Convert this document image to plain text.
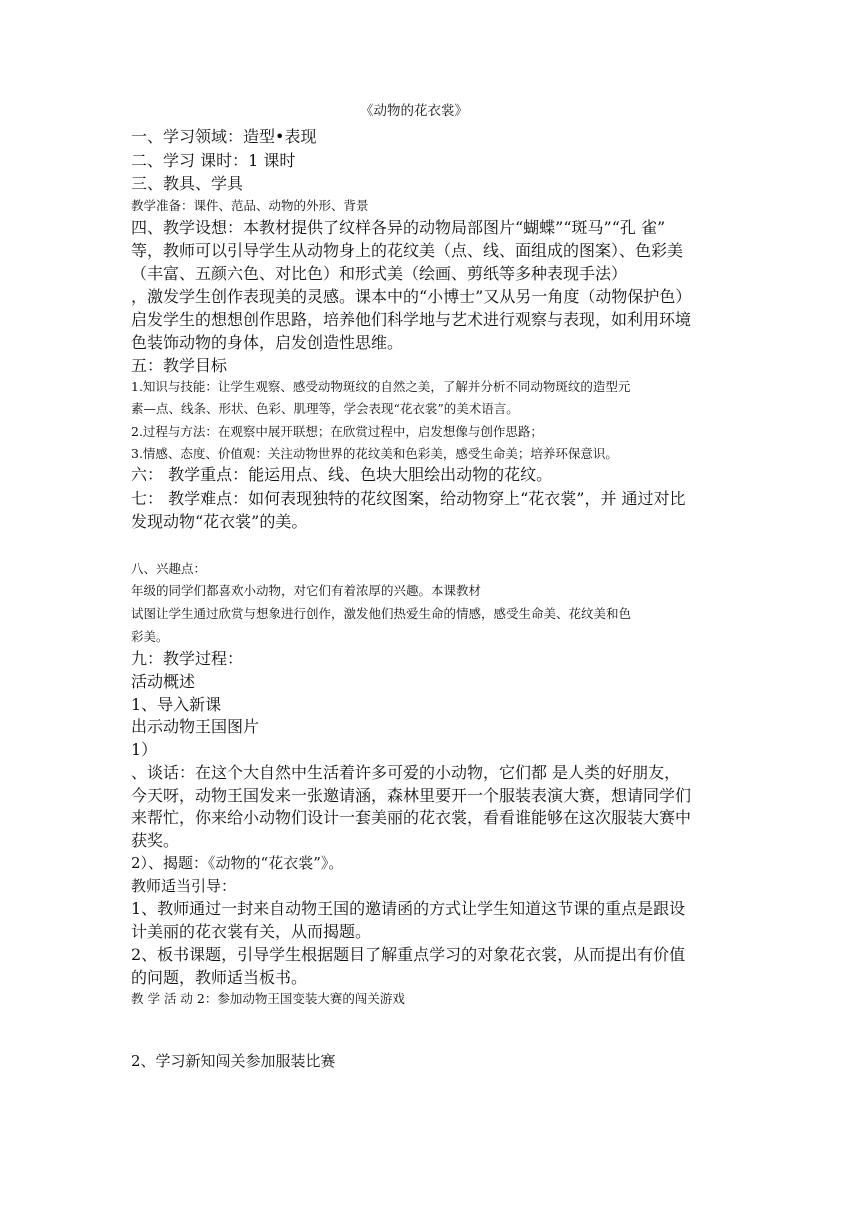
《动物的花衣裳》
一、学习领域：造型•表现
二、学习 课时：1 课时
三、教具、学具
教学准备：课件、范品、动物的外形、背景
四、教学设想：本教材提供了纹样各异的动物局部图片“蝴蝶”“斑马”“孔 雀”
等，教师可以引导学生从动物身上的花纹美（点、线、面组成的图案）、色彩美
（丰富、五颜六色、对比色）和形式美（绘画、剪纸等多种表现手法）
，激发学生创作表现美的灵感。课本中的“小博士”又从另一角度（动物保护色）
启发学生的想想创作思路，培养他们科学地与艺术进行观察与表现，如利用环境
色装饰动物的身体，启发创造性思维。
五：教学目标
1.知识与技能：让学生观察、感受动物斑纹的自然之美，了解并分析不同动物斑纹的造型元
素—点、线条、形状、色彩、肌理等，学会表现“花衣裳”的美术语言。
2.过程与方法：在观察中展开联想；在欣赏过程中，启发想像与创作思路；
3.情感、态度、价值观：关注动物世界的花纹美和色彩美，感受生命美；培养环保意识。
六： 教学重点：能运用点、线、色块大胆绘出动物的花纹。
七： 教学难点：如何表现独特的花纹图案，给动物穿上“花衣裳”，并 通过对比
发现动物“花衣裳”的美。
八、兴趣点：
年级的同学们都喜欢小动物，对它们有着浓厚的兴趣。本课教材
试图让学生通过欣赏与想象进行创作，激发他们热爱生命的情感，感受生命美、花纹美和色
彩美。
九：教学过程：
活动概述
1、导入新课
出示动物王国图片
1）
、谈话：在这个大自然中生活着许多可爱的小动物，它们都 是人类的好朋友，
今天呀，动物王国发来一张邀请涵，森林里要开一个服装表演大赛，想请同学们
来帮忙，你来给小动物们设计一套美丽的花衣裳，看看谁能够在这次服装大赛中
获奖。
2）、揭题：《动物的“花衣裳”》。
教师适当引导：
1、教师通过一封来自动物王国的邀请函的方式让学生知道这节课的重点是跟设
计美丽的花衣裳有关，从而揭题。
2、板书课题，引导学生根据题目了解重点学习的对象花衣裳，从而提出有价值
的问题，教师适当板书。
教 学 活 动 2：参加动物王国变装大赛的闯关游戏
2、学习新知闯关参加服装比赛
